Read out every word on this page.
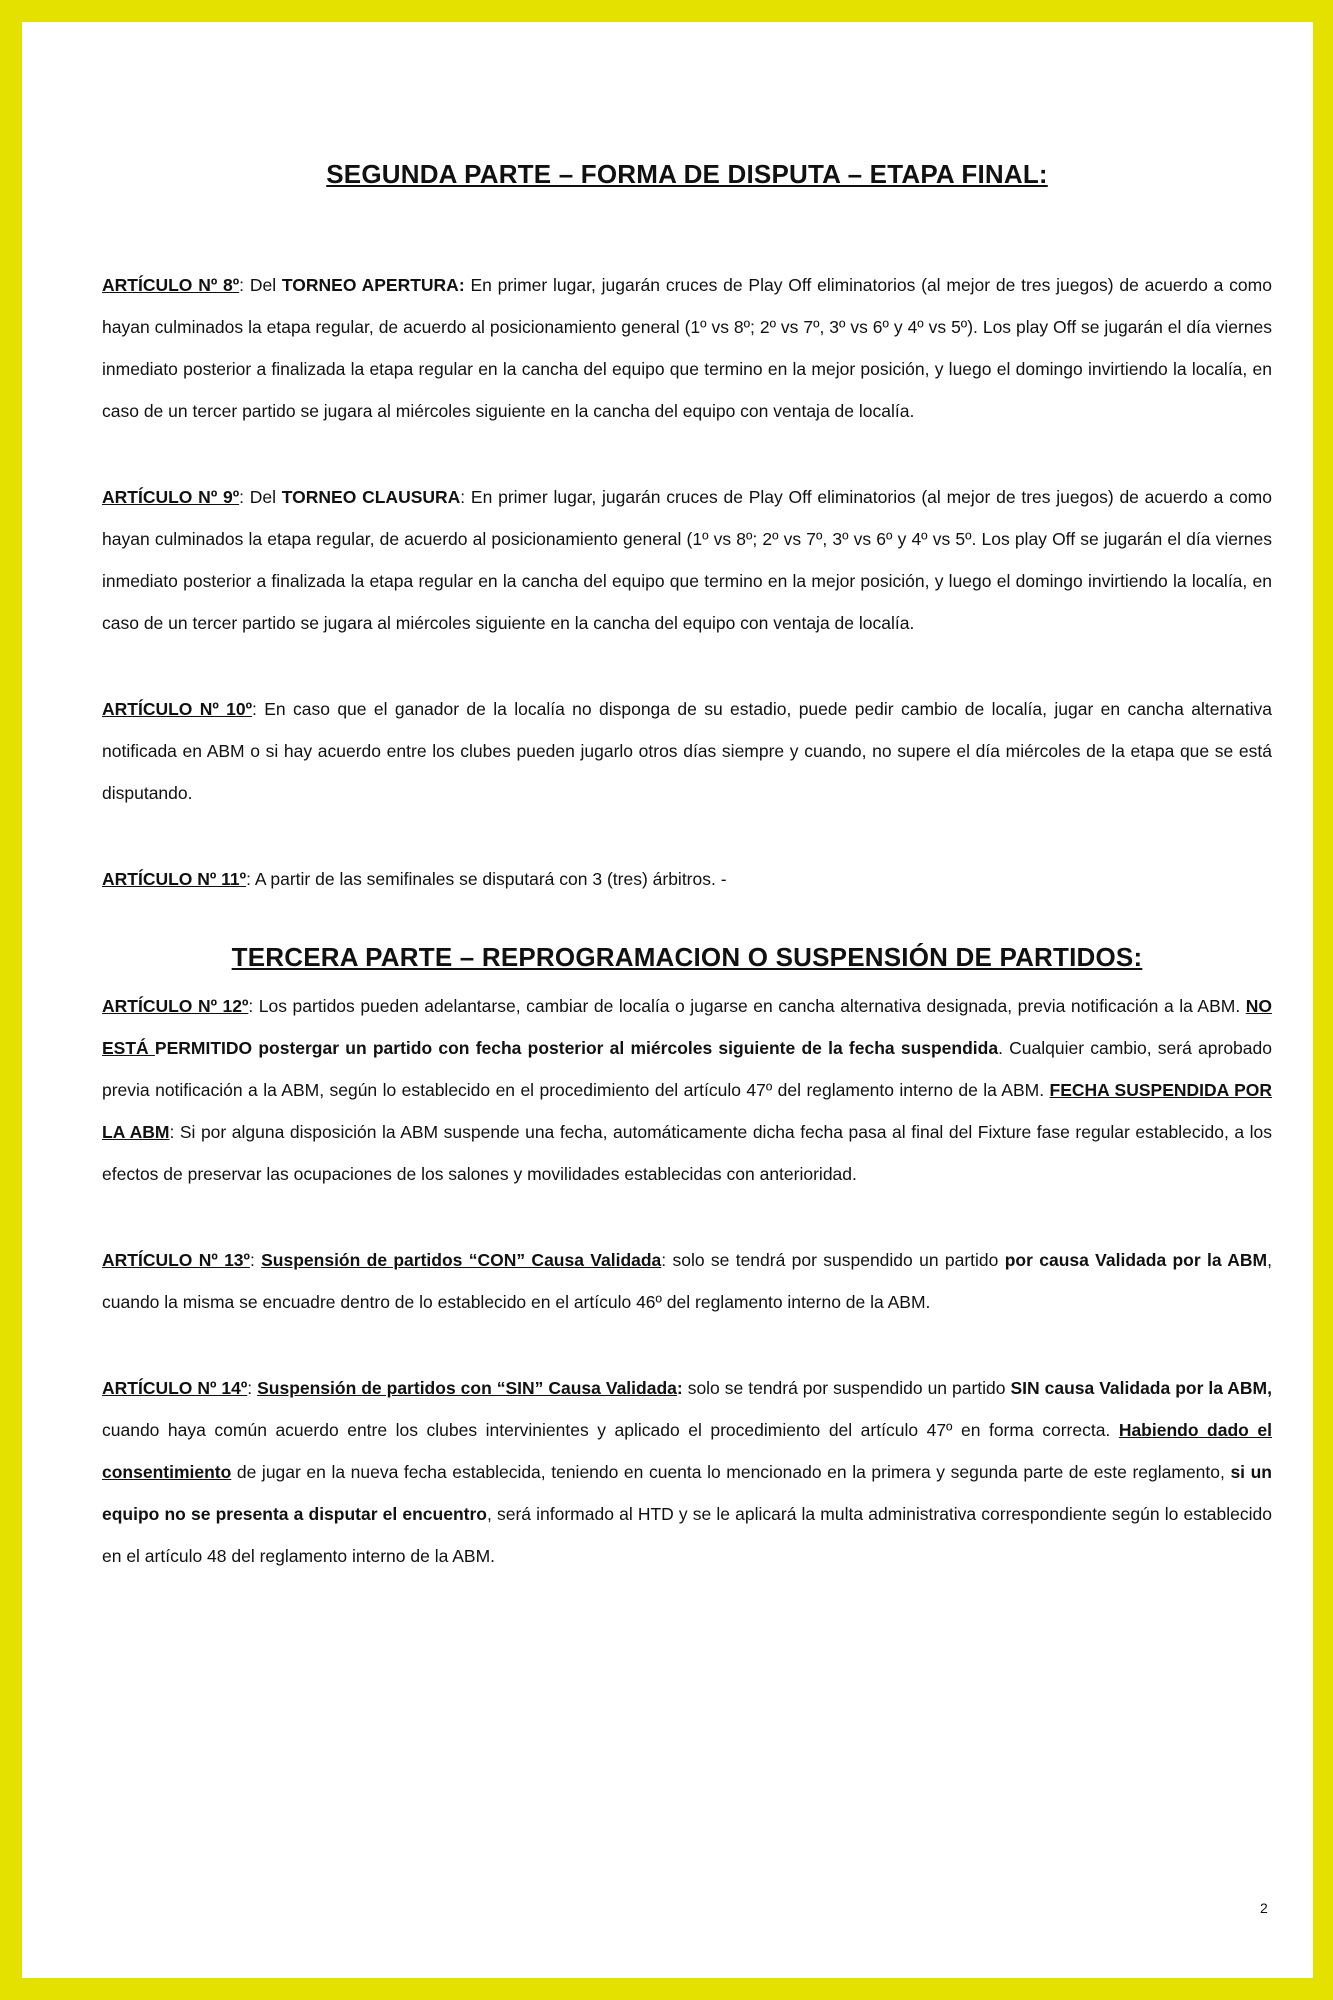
SEGUNDA PARTE – FORMA DE DISPUTA – ETAPA FINAL:

ARTÍCULO Nº 8º: Del TORNEO APERTURA: En primer lugar, jugarán cruces de Play Off eliminatorios (al mejor de tres juegos) de acuerdo a como hayan culminados la etapa regular, de acuerdo al posicionamiento general (1º vs 8º; 2º vs 7º, 3º vs 6º y 4º vs 5º). Los play Off se jugarán el día viernes inmediato posterior a finalizada la etapa regular en la cancha del equipo que termino en la mejor posición, y luego el domingo invirtiendo la localía, en caso de un tercer partido se jugara al miércoles siguiente en la cancha del equipo con ventaja de localía.

ARTÍCULO Nº 9º: Del TORNEO CLAUSURA: En primer lugar, jugarán cruces de Play Off eliminatorios (al mejor de tres juegos) de acuerdo a como hayan culminados la etapa regular, de acuerdo al posicionamiento general (1º vs 8º; 2º vs 7º, 3º vs 6º y 4º vs 5º. Los play Off se jugarán el día viernes inmediato posterior a finalizada la etapa regular en la cancha del equipo que termino en la mejor posición, y luego el domingo invirtiendo la localía, en caso de un tercer partido se jugara al miércoles siguiente en la cancha del equipo con ventaja de localía.

ARTÍCULO Nº 10º: En caso que el ganador de la localía no disponga de su estadio, puede pedir cambio de localía, jugar en cancha alternativa notificada en ABM o si hay acuerdo entre los clubes pueden jugarlo otros días siempre y cuando, no supere el día miércoles de la etapa que se está disputando.

ARTÍCULO Nº 11º: A partir de las semifinales se disputará con 3 (tres) árbitros. -

TERCERA PARTE – REPROGRAMACION O SUSPENSIÓN DE PARTIDOS:

ARTÍCULO Nº 12º: Los partidos pueden adelantarse, cambiar de localía o jugarse en cancha alternativa designada, previa notificación a la ABM. NO ESTÁ PERMITIDO postergar un partido con fecha posterior al miércoles siguiente de la fecha suspendida. Cualquier cambio, será aprobado previa notificación a la ABM, según lo establecido en el procedimiento del artículo 47º del reglamento interno de la ABM. FECHA SUSPENDIDA POR LA ABM: Si por alguna disposición la ABM suspende una fecha, automáticamente dicha fecha pasa al final del Fixture fase regular establecido, a los efectos de preservar las ocupaciones de los salones y movilidades establecidas con anterioridad.

ARTÍCULO Nº 13º: Suspensión de partidos “CON” Causa Validada: solo se tendrá por suspendido un partido por causa Validada por la ABM, cuando la misma se encuadre dentro de lo establecido en el artículo 46º del reglamento interno de la ABM.

ARTÍCULO Nº 14º: Suspensión de partidos con “SIN” Causa Validada: solo se tendrá por suspendido un partido SIN causa Validada por la ABM, cuando haya común acuerdo entre los clubes intervinientes y aplicado el procedimiento del artículo 47º en forma correcta. Habiendo dado el consentimiento de jugar en la nueva fecha establecida, teniendo en cuenta lo mencionado en la primera y segunda parte de este reglamento, si un equipo no se presenta a disputar el encuentro, será informado al HTD y se le aplicará la multa administrativa correspondiente según lo establecido en el artículo 48 del reglamento interno de la ABM.

2
